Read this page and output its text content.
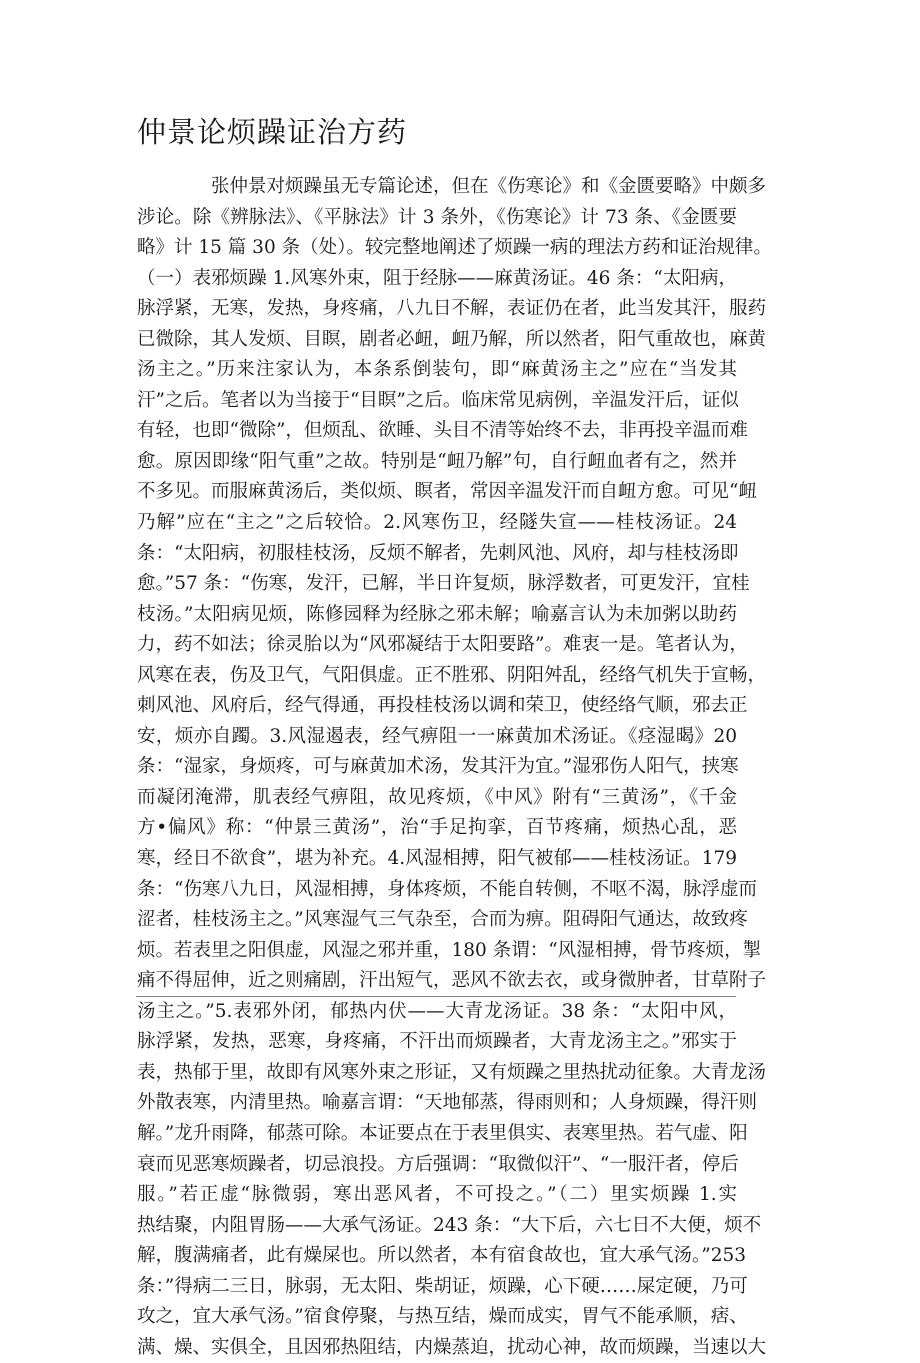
仲景论烦躁证治方药
张仲景对烦躁虽无专篇论述，但在《伤寒论》和《金匮要略》中颇多
涉论。除《辨脉法》、《平脉法》计 3 条外，《伤寒论》计 73 条、《金匮要
略》计 15 篇 30 条（处）。较完整地阐述了烦躁一病的理法方药和证治规律。
（一）表邪烦躁 1.风寒外束，阻于经脉——麻黄汤证。46 条：“太阳病，
脉浮紧，无寒，发热，身疼痛，八九日不解，表证仍在者，此当发其汗，服药
已微除，其人发烦、目瞑，剧者必衄，衄乃解，所以然者，阳气重故也，麻黄
汤主之。”历来注家认为，本条系倒装句，即“麻黄汤主之”应在“当发其
汗”之后。笔者以为当接于“目瞑”之后。临床常见病例，辛温发汗后，证似
有轻，也即“微除”，但烦乱、欲睡、头目不清等始终不去，非再投辛温而难
愈。原因即缘“阳气重”之故。特别是“衄乃解”句，自行衄血者有之，然并
不多见。而服麻黄汤后，类似烦、瞑者，常因辛温发汗而自衄方愈。可见“衄
乃解”应在“主之”之后较恰。2.风寒伤卫，经隧失宣——桂枝汤证。24
条：“太阳病，初服桂枝汤，反烦不解者，先刺风池、风府，却与桂枝汤即
愈。”57 条：“伤寒，发汗，已解，半日许复烦，脉浮数者，可更发汗，宜桂
枝汤。”太阳病见烦，陈修园释为经脉之邪未解；喻嘉言认为未加粥以助药
力，药不如法；徐灵胎以为“风邪凝结于太阳要路”。难衷一是。笔者认为，
风寒在表，伤及卫气，气阳俱虚。正不胜邪、阴阳舛乱，经络气机失于宣畅，
刺风池、风府后，经气得通，再投桂枝汤以调和荣卫，使经络气顺，邪去正
安，烦亦自躅。3.风湿遏表，经气痹阻一一麻黄加术汤证。《痉湿暍》20
条：“湿家，身烦疼，可与麻黄加术汤，发其汗为宜。”湿邪伤人阳气，挟寒
而凝闭淹滞，肌表经气痹阻，故见疼烦，《中风》附有“三黄汤”，《千金
方•偏风》称：“仲景三黄汤”，治“手足拘挛，百节疼痛，烦热心乱，恶
寒，经日不欲食”，堪为补充。4.风湿相搏，阳气被郁——桂枝汤证。179
条：“伤寒八九日，风湿相搏，身体疼烦，不能自转侧，不呕不渴，脉浮虚而
涩者，桂枝汤主之。”风寒湿气三气杂至，合而为痹。阻碍阳气通达，故致疼
烦。若表里之阳俱虚，风湿之邪并重，180 条谓：“风湿相搏，骨节疼烦，掣
痛不得屈伸，近之则痛剧，汗出短气，恶风不欲去衣，或身微肿者，甘草附子
汤主之。”5.表邪外闭，郁热内伏——大青龙汤证。38 条：“太阳中风，
脉浮紧，发热，恶寒，身疼痛，不汗出而烦躁者，大青龙汤主之。”邪实于
表，热郁于里，故即有风寒外束之形证，又有烦躁之里热扰动征象。大青龙汤
外散表寒，内清里热。喻嘉言谓：“天地郁蒸，得雨则和；人身烦躁，得汗则
解。”龙升雨降，郁蒸可除。本证要点在于表里俱实、表寒里热。若气虚、阳
衰而见恶寒烦躁者，切忌浪投。方后强调：“取微似汗”、“一服汗者，停后
服。”若正虚“脉微弱，寒出恶风者，不可投之。”（二）里实烦躁 1.实
热结聚，内阻胃肠——大承气汤证。243 条：“大下后，六七日不大便，烦不
解，腹满痛者，此有燥屎也。所以然者，本有宿食故也，宜大承气汤。”253
条：”得病二三日，脉弱，无太阳、柴胡证，烦躁，心下硬……屎定硬，乃可
攻之，宜大承气汤。”宿食停聚，与热互结，燥而成实，胃气不能承顺，痞、
满、燥、实俱全，且因邪热阻结，内燥蒸迫，扰动心神，故而烦躁，当速以大
